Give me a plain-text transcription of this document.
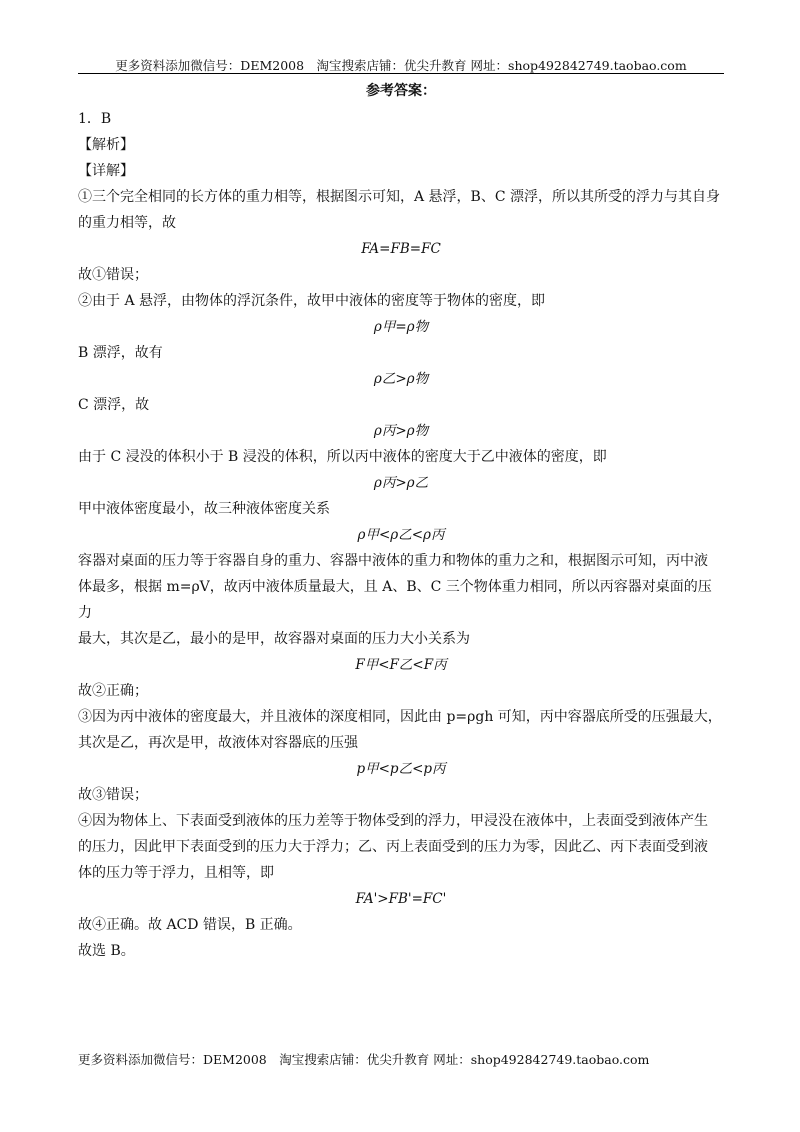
更多资料添加微信号：DEM2008　淘宝搜索店铺：优尖升教育 网址：shop492842749.taobao.com
参考答案：

1．B

【解析】

【详解】

①三个完全相同的长方体的重力相等，根据图示可知，A 悬浮，B、C 漂浮，所以其所受的浮力与其自身

的重力相等，故

FA=FB=FC

故①错误；

②由于 A 悬浮，由物体的浮沉条件，故甲中液体的密度等于物体的密度，即

ρ甲=ρ物

B 漂浮，故有

ρ乙>ρ物

C 漂浮，故

ρ丙>ρ物

由于 C 浸没的体积小于 B 浸没的体积，所以丙中液体的密度大于乙中液体的密度，即

ρ丙>ρ乙

甲中液体密度最小，故三种液体密度关系

ρ甲<ρ乙<ρ丙

容器对桌面的压力等于容器自身的重力、容器中液体的重力和物体的重力之和，根据图示可知，丙中液

体最多，根据 m=ρV，故丙中液体质量最大，且 A、B、C 三个物体重力相同，所以丙容器对桌面的压力

最大，其次是乙，最小的是甲，故容器对桌面的压力大小关系为

F甲<F乙<F丙

故②正确；

③因为丙中液体的密度最大，并且液体的深度相同，因此由 p=ρgh 可知，丙中容器底所受的压强最大，

其次是乙，再次是甲，故液体对容器底的压强

p甲<p乙<p丙

故③错误；

④因为物体上、下表面受到液体的压力差等于物体受到的浮力，甲浸没在液体中，上表面受到液体产生

的压力，因此甲下表面受到的压力大于浮力；乙、丙上表面受到的压力为零，因此乙、丙下表面受到液

体的压力等于浮力，且相等，即

FA'>FB'=FC'

故④正确。故 ACD 错误，B 正确。

故选 B。

更多资料添加微信号：DEM2008　淘宝搜索店铺：优尖升教育 网址：shop492842749.taobao.com
